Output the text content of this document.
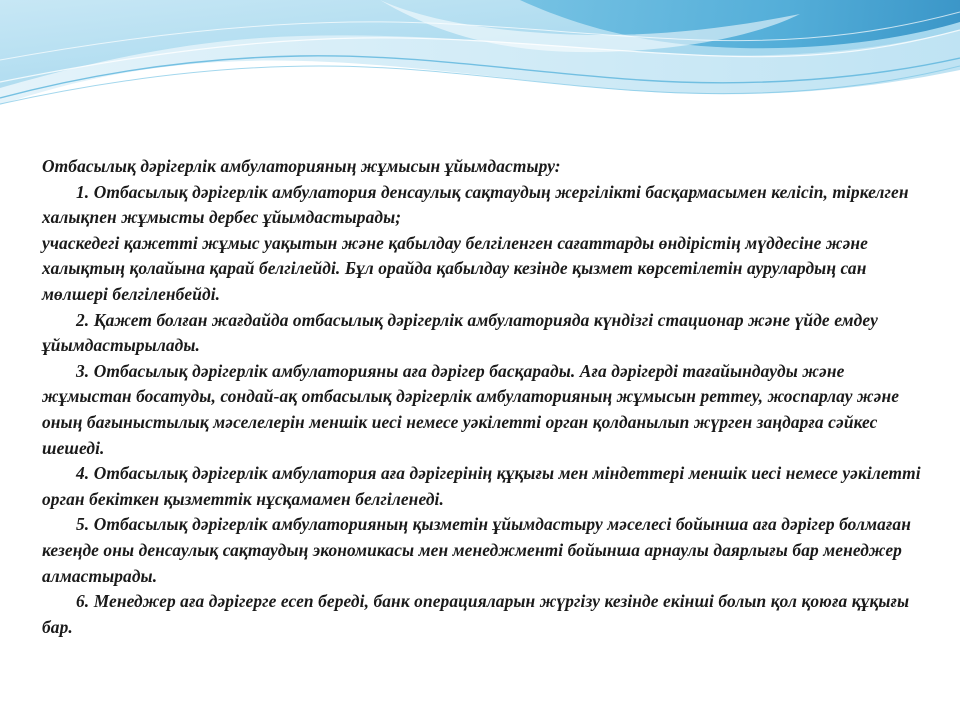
Отбасылық дәрігерлік амбулаторияның жұмысын ұйымдастыру:

1. Отбасылық дәрігерлік амбулатория денсаулық сақтаудың жергілікті басқармасымен келісіп, тіркелген халықпен жұмысты дербес ұйымдастырады;

учаскедегі қажетті жұмыс уақытын және қабылдау белгіленген сағаттарды өндірістің мүддесіне және халықтың қолайына қарай белгілейді. Бұл орайда қабылдау кезінде қызмет көрсетілетін аурулардың сан мөлшері белгіленбейді.

2. Қажет болған жағдайда отбасылық дәрігерлік амбулаторияда күндізгі стационар және үйде емдеу ұйымдастырылады.

3. Отбасылық дәрігерлік амбулаторияны аға дәрігер басқарады. Аға дәрігерді тағайындауды және жұмыстан босатуды, сондай-ақ отбасылық дәрігерлік амбулаторияның жұмысын реттеу, жоспарлау және оның бағыныстылық мәселелерін меншік иесі немесе уәкілетті орган қолданылып жүрген заңдарға сәйкес шешеді.

4. Отбасылық дәрігерлік амбулатория аға дәрігерінің құқығы мен міндеттері меншік иесі немесе уәкілетті орган бекіткен қызметтік нұсқамамен белгіленеді.

5. Отбасылық дәрігерлік амбулаторияның қызметін ұйымдастыру мәселесі бойынша аға дәрігер болмаған кезеңде оны денсаулық сақтаудың экономикасы мен менеджменті бойынша арнаулы даярлығы бар менеджер алмастырады.

6. Менеджер аға дәрігерге есеп береді, банк операцияларын жүргізу кезінде екінші болып қол қоюға құқығы бар.
